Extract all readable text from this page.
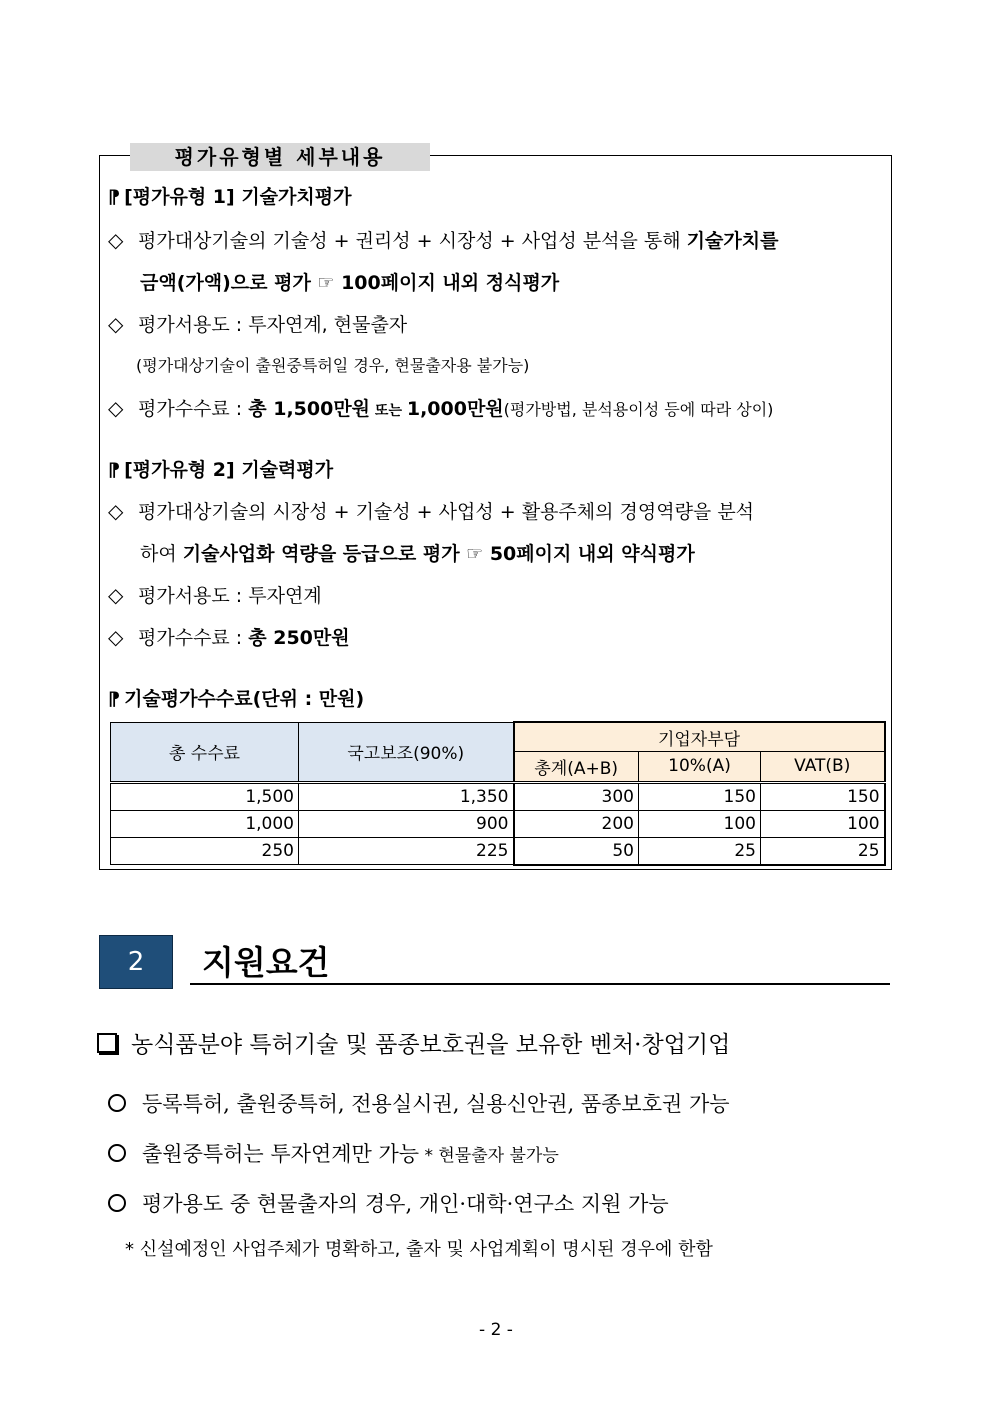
평가유형별 세부내용
⁋ [평가유형 1] 기술가치평가
◇ 평가대상기술의 기술성 + 권리성 + 시장성 + 사업성 분석을 통해 기술가치를
금액(가액)으로 평가 ☞ 100페이지 내외 정식평가
◇ 평가서용도 : 투자연계, 현물출자
(평가대상기술이 출원중특허일 경우, 현물출자용 불가능)
◇ 평가수수료 : 총 1,500만원 또는 1,000만원(평가방법, 분석용이성 등에 따라 상이)
⁋ [평가유형 2] 기술력평가
◇ 평가대상기술의 시장성 + 기술성 + 사업성 + 활용주체의 경영역량을 분석
하여 기술사업화 역량을 등급으로 평가 ☞ 50페이지 내외 약식평가
◇ 평가서용도 : 투자연계
◇ 평가수수료 : 총 250만원
⁋ 기술평가수수료(단위 : 만원)
총 수수료	국고보조(90%)	기업자부담		
		총계(A+B)	10%(A)	VAT(B)
1,500	1,350	300	150	150
1,000	900	200	100	100
250	225	50	25	25
2	지원요건
농식품분야 특허기술 및 품종보호권을 보유한 벤처·창업기업
등록특허, 출원중특허, 전용실시권, 실용신안권, 품종보호권 가능
출원중특허는 투자연계만 가능 * 현물출자 불가능
평가용도 중 현물출자의 경우, 개인·대학·연구소 지원 가능
* 신설예정인 사업주체가 명확하고, 출자 및 사업계획이 명시된 경우에 한함
- 2 -
